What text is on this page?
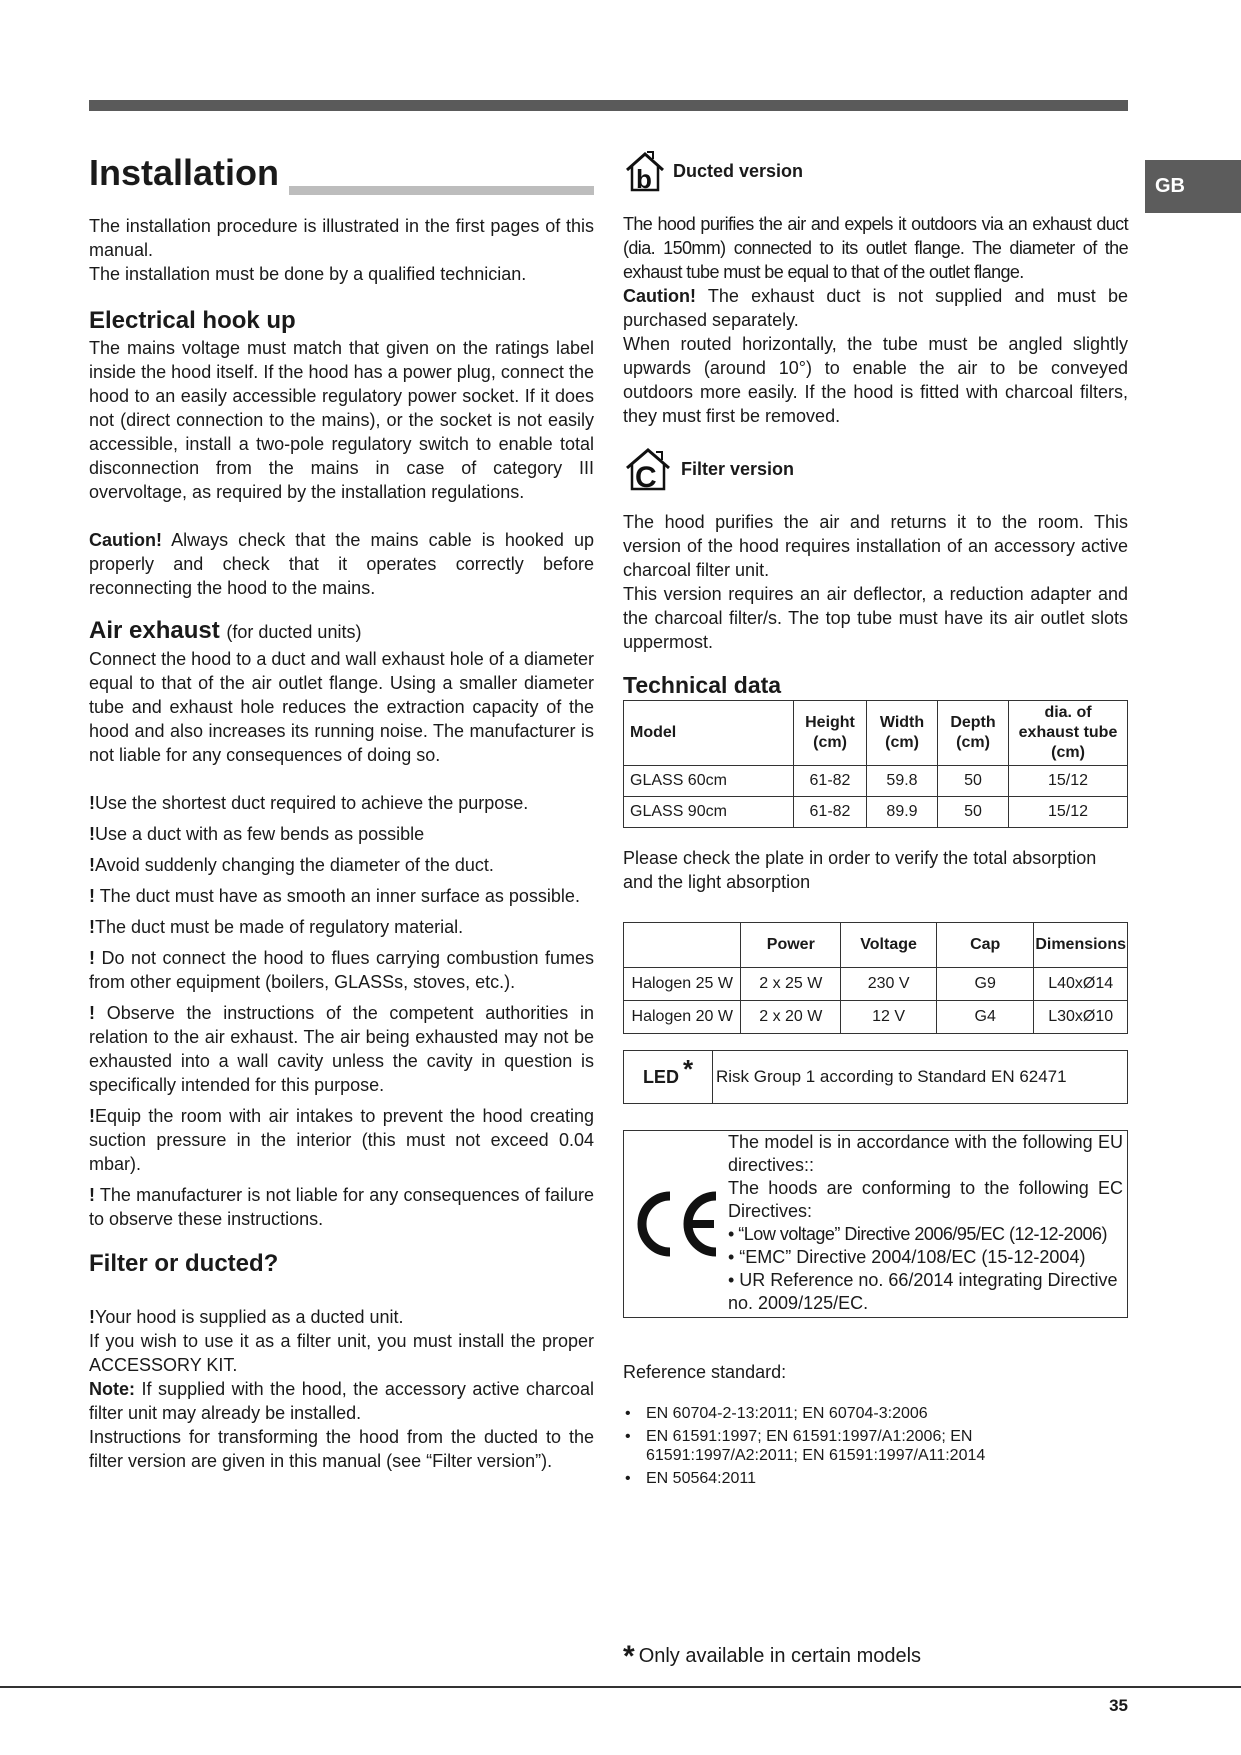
GB
Installation

The installation procedure is illustrated in the first pages of this manual.

The installation must be done by a qualified technician.

Electrical hook up

The mains voltage must match that given on the ratings label inside the hood itself. If the hood has a power plug, connect the hood to an easily accessible regulatory power socket. If it does not (direct connection to the mains), or the socket is not easily accessible, install a two-pole regulatory switch to enable total disconnection from the mains in case of category III overvoltage, as required by the installation regulations.

Caution! Always check that the mains cable is hooked up properly and check that it operates correctly before reconnecting the hood to the mains.

Air exhaust (for ducted units)

Connect the hood to a duct and wall exhaust hole of a diameter equal to that of the air outlet flange. Using a smaller diameter tube and exhaust hole reduces the extraction capacity of the hood and also increases its running noise. The manufacturer is not liable for any consequences of doing so.

!Use the shortest duct required to achieve the purpose.

!Use a duct with as few bends as possible

!Avoid suddenly changing the diameter of the duct.

! The duct must have as smooth an inner surface as possible.

!The duct must be made of regulatory material.

! Do not connect the hood to flues carrying combustion fumes from other equipment (boilers, GLASSs, stoves, etc.).

! Observe the instructions of the competent authorities in relation to the air exhaust. The air being exhausted may not be exhausted into a wall cavity unless the cavity in question is specifically intended for this purpose.

!Equip the room with air intakes to prevent the hood creating suction pressure in the interior (this must not exceed 0.04 mbar).

! The manufacturer is not liable for any consequences of failure to observe these instructions.

Filter or ducted?

!Your hood is supplied as a ducted unit.

If you wish to use it as a filter unit, you must install the proper ACCESSORY KIT.

Note: If supplied with the hood, the accessory active charcoal filter unit may already be installed.

Instructions for transforming the hood from the ducted to the filter version are given in this manual (see “Filter version”).

b Ducted version

The hood purifies the air and expels it outdoors via an exhaust duct (dia. 150mm) connected to its outlet flange. The diameter of the exhaust tube must be equal to that of the outlet flange.

Caution! The exhaust duct is not supplied and must be purchased separately.

When routed horizontally, the tube must be angled slightly upwards (around 10°) to enable the air to be conveyed outdoors more easily. If the hood is fitted with charcoal filters, they must first be removed.

C Filter version

The hood purifies the air and returns it to the room. This version of the hood requires installation of an accessory active charcoal filter unit.

This version requires an air deflector, a reduction adapter and the charcoal filter/s. The top tube must have its air outlet slots uppermost.

Technical data
Model	Height (cm)	Width (cm)	Depth (cm)	dia. of exhaust tube (cm)
GLASS 60cm	61-82	59.8	50	15/12
GLASS 90cm	61-82	89.9	50	15/12

Please check the plate in order to verify the total absorption and the light absorption

	Power	Voltage	Cap	Dimensions
Halogen 25 W	2 x 25 W	230 V	G9	L40xØ14
Halogen 20 W	2 x 20 W	12 V	G4	L30xØ10
LED * Risk Group 1 according to Standard EN 62471
The model is in accordance with the following EU directives::
The hoods are conforming to the following EC Directives:
• “Low voltage” Directive 2006/95/EC (12-12-2006)
• “EMC” Directive 2004/108/EC (15-12-2004)
• UR Reference no. 66/2014 integrating Directive no. 2009/125/EC.

Reference standard:

• EN 60704-2-13:2011; EN 60704-3:2006
• EN 61591:1997; EN 61591:1997/A1:2006; EN 61591:1997/A2:2011; EN 61591:1997/A11:2014
• EN 50564:2011
* Only available in certain models
35
